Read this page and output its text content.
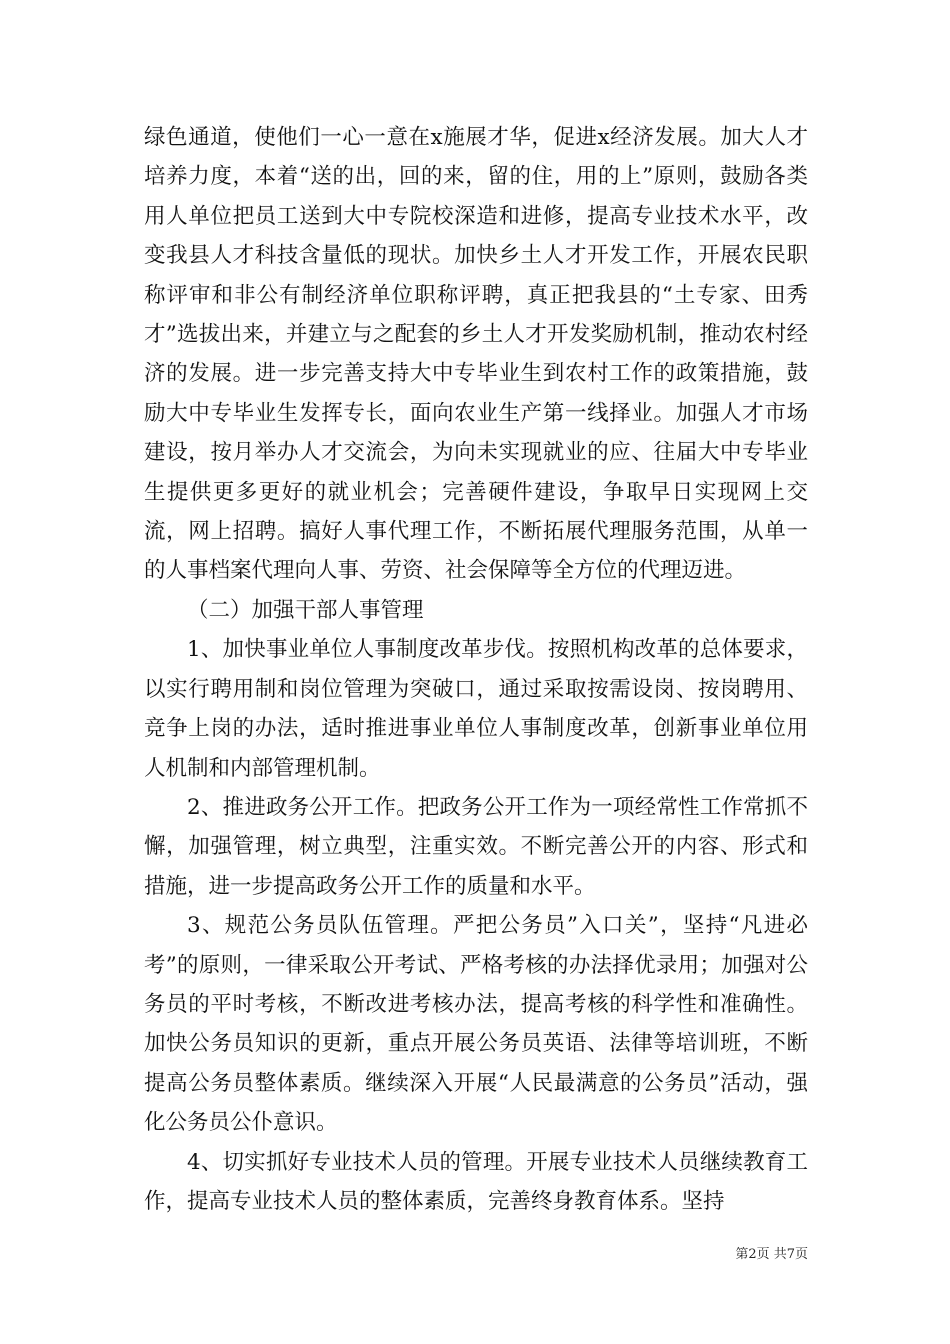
绿色通道，使他们一心一意在x施展才华，促进x经济发展。加大人才培养力度，本着“送的出，回的来，留的住，用的上”原则，鼓励各类用人单位把员工送到大中专院校深造和进修，提高专业技术水平，改变我县人才科技含量低的现状。加快乡土人才开发工作，开展农民职称评审和非公有制经济单位职称评聘，真正把我县的“土专家、田秀才”选拔出来，并建立与之配套的乡土人才开发奖励机制，推动农村经济的发展。进一步完善支持大中专毕业生到农村工作的政策措施，鼓励大中专毕业生发挥专长，面向农业生产第一线择业。加强人才市场建设，按月举办人才交流会，为向未实现就业的应、往届大中专毕业生提供更多更好的就业机会；完善硬件建设，争取早日实现网上交流，网上招聘。搞好人事代理工作，不断拓展代理服务范围，从单一的人事档案代理向人事、劳资、社会保障等全方位的代理迈进。

（二）加强干部人事管理

1、加快事业单位人事制度改革步伐。按照机构改革的总体要求，以实行聘用制和岗位管理为突破口，通过采取按需设岗、按岗聘用、竞争上岗的办法，适时推进事业单位人事制度改革，创新事业单位用人机制和内部管理机制。

2、推进政务公开工作。把政务公开工作为一项经常性工作常抓不懈，加强管理，树立典型，注重实效。不断完善公开的内容、形式和措施，进一步提高政务公开工作的质量和水平。

3、规范公务员队伍管理。严把公务员”入口关”，坚持“凡进必考”的原则，一律采取公开考试、严格考核的办法择优录用；加强对公务员的平时考核，不断改进考核办法，提高考核的科学性和准确性。加快公务员知识的更新，重点开展公务员英语、法律等培训班，不断提高公务员整体素质。继续深入开展“人民最满意的公务员”活动，强化公务员公仆意识。

4、切实抓好专业技术人员的管理。开展专业技术人员继续教育工作，提高专业技术人员的整体素质，完善终身教育体系。坚持

第2页 共7页
